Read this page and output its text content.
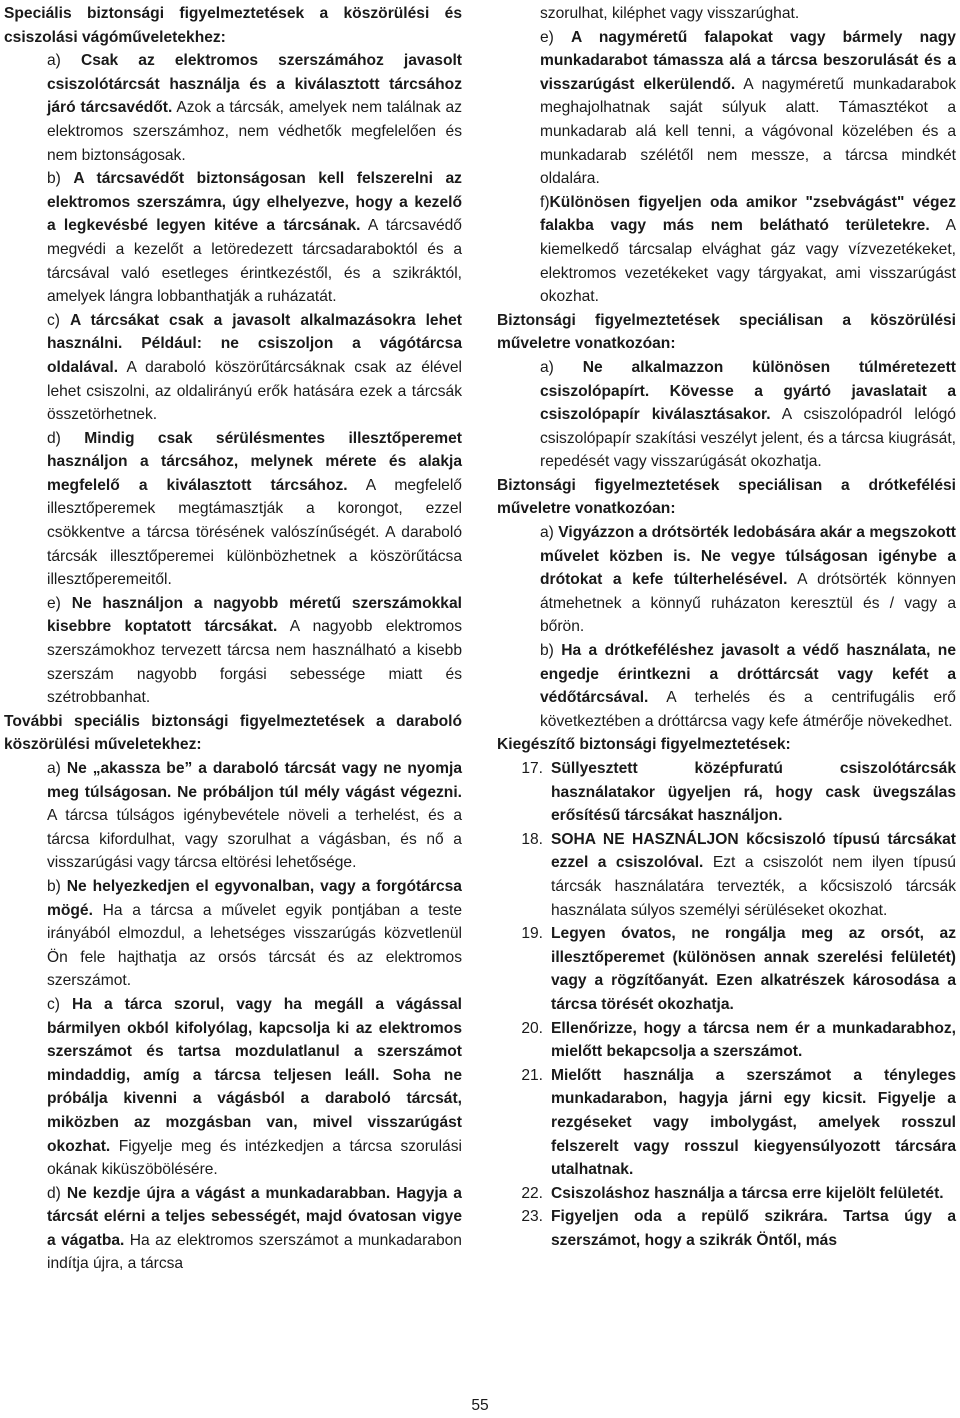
Speciális biztonsági figyelmeztetések a köszörülési és csiszolási vágóműveletekhez:

a) Csak az elektromos szerszámához javasolt csiszolótárcsát használja és a kiválasztott tárcsához járó tárcsavédőt. Azok a tárcsák, amelyek nem találnak az elektromos szerszámhoz, nem védhetők megfelelően és nem biztonságosak.

b) A tárcsavédőt biztonságosan kell felszerelni az elektromos szerszámra, úgy elhelyezve, hogy a kezelő a legkevésbé legyen kitéve a tárcsának. A tárcsavédő megvédi a kezelőt a letöredezett tárcsadaraboktól és a tárcsával való esetleges érintkezéstől, és a szikráktól, amelyek lángra lobbanthatják a ruházatát.

c) A tárcsákat csak a javasolt alkalmazásokra lehet használni. Például: ne csiszoljon a vágótárcsa oldalával. A daraboló köszörűtárcsáknak csak az élével lehet csiszolni, az oldalirányú erők hatására ezek a tárcsák összetörhetnek.

d) Mindig csak sérülésmentes illesztőperemet használjon a tárcsához, melynek mérete és alakja megfelelő a kiválasztott tárcsához. A megfelelő illesztőperemek megtámasztják a korongot, ezzel csökkentve a tárcsa törésének valószínűségét. A daraboló tárcsák illesztőperemei különbözhetnek a köszörűtácsa illesztőperemeitől.

e) Ne használjon a nagyobb méretű szerszámokkal kisebbre koptatott tárcsákat. A nagyobb elektromos szerszámokhoz tervezett tárcsa nem használható a kisebb szerszám nagyobb forgási sebessége miatt és szétrobbanhat.

További speciális biztonsági figyelmeztetések a daraboló köszörülési műveletekhez:

a) Ne „akassza be” a daraboló tárcsát vagy ne nyomja meg túlságosan. Ne próbáljon túl mély vágást végezni. A tárcsa túlságos igénybevétele növeli a terhelést, és a tárcsa kifordulhat, vagy szorulhat a vágásban, és nő a visszarúgási vagy tárcsa eltörési lehetősége.

b) Ne helyezkedjen el egyvonalban, vagy a forgótárcsa mögé. Ha a tárcsa a művelet egyik pontjában a teste irányából elmozdul, a lehetséges visszarúgás közvetlenül Ön fele hajthatja az orsós tárcsát és az elektromos szerszámot.

c) Ha a tárca szorul, vagy ha megáll a vágással bármilyen okból kifolyólag, kapcsolja ki az elektromos szerszámot és tartsa mozdulatlanul a szerszámot mindaddig, amíg a tárcsa teljesen leáll. Soha ne próbálja kivenni a vágásból a daraboló tárcsát, miközben az mozgásban van, mivel visszarúgást okozhat. Figyelje meg és intézkedjen a tárcsa szorulási okának kiküszöbölésére.

d) Ne kezdje újra a vágást a munkadarabban. Hagyja a tárcsát elérni a teljes sebességét, majd óvatosan vigye a vágatba. Ha az elektromos szerszámot a munkadarabon indítja újra, a tárcsa

szorulhat, kiléphet vagy visszarúghat.

e) A nagyméretű falapokat vagy bármely nagy munkadarabot támassza alá a tárcsa beszorulását és a visszarúgást elkerülendő. A nagyméretű munkadarabok meghajolhatnak saját súlyuk alatt. Támasztékot a munkadarab alá kell tenni, a vágóvonal közelében és a munkadarab szélétől nem messze, a tárcsa mindkét oldalára.

f)Különösen figyeljen oda amikor "zsebvágást" végez falakba vagy más nem belátható területekre. A kiemelkedő tárcsalap elvághat gáz vagy vízvezetékeket, elektromos vezetékeket vagy tárgyakat, ami visszarúgást okozhat.

Biztonsági figyelmeztetések speciálisan a köszörülési műveletre vonatkozóan:

a) Ne alkalmazzon különösen túlméretezett csiszolópapírt. Kövesse a gyártó javaslatait a csiszolópapír kiválasztásakor. A csiszolópadról lelógó csiszolópapír szakítási veszélyt jelent, és a tárcsa kiugrását, repedését vagy visszarúgását okozhatja.

Biztonsági figyelmeztetések speciálisan a drótkefélési műveletre vonatkozóan:

a) Vigyázzon a drótsörték ledobására akár a megszokott művelet közben is. Ne vegye túlságosan igénybe a drótokat a kefe túlterhelésével. A drótsörték könnyen átmehetnek a könnyű ruházaton keresztül és / vagy a bőrön.

b) Ha a drótkeféléshez javasolt a védő használata, ne engedje érintkezni a dróttárcsát vagy kefét a védőtárcsával. A terhelés és a centrifugális erő következtében a dróttárcsa vagy kefe átmérője növekedhet.

Kiegészítő biztonsági figyelmeztetések:

17. Süllyesztett középfuratú csiszolótárcsák használatakor ügyeljen rá, hogy cask üvegszálas erősítésű tárcsákat használjon.

18. SOHA NE HASZNÁLJON kőcsiszoló típusú tárcsákat ezzel a csiszolóval. Ezt a csiszolót nem ilyen típusú tárcsák használatára tervezték, a kőcsiszoló tárcsák használata súlyos személyi sérüléseket okozhat.

19. Legyen óvatos, ne rongálja meg az orsót, az illesztőperemet (különösen annak szerelési felületét) vagy a rögzítőanyát. Ezen alkatrészek károsodása a tárcsa törését okozhatja.

20. Ellenőrizze, hogy a tárcsa nem ér a munkadarabhoz, mielőtt bekapcsolja a szerszámot.

21. Mielőtt használja a szerszámot a tényleges munkadarabon, hagyja járni egy kicsit. Figyelje a rezgéseket vagy imbolygást, amelyek rosszul felszerelt vagy rosszul kiegyensúlyozott tárcsára utalhatnak.

22. Csiszoláshoz használja a tárcsa erre kijelölt felületét.

23. Figyeljen oda a repülő szikrára. Tartsa úgy a szerszámot, hogy a szikrák Öntől, más

55
